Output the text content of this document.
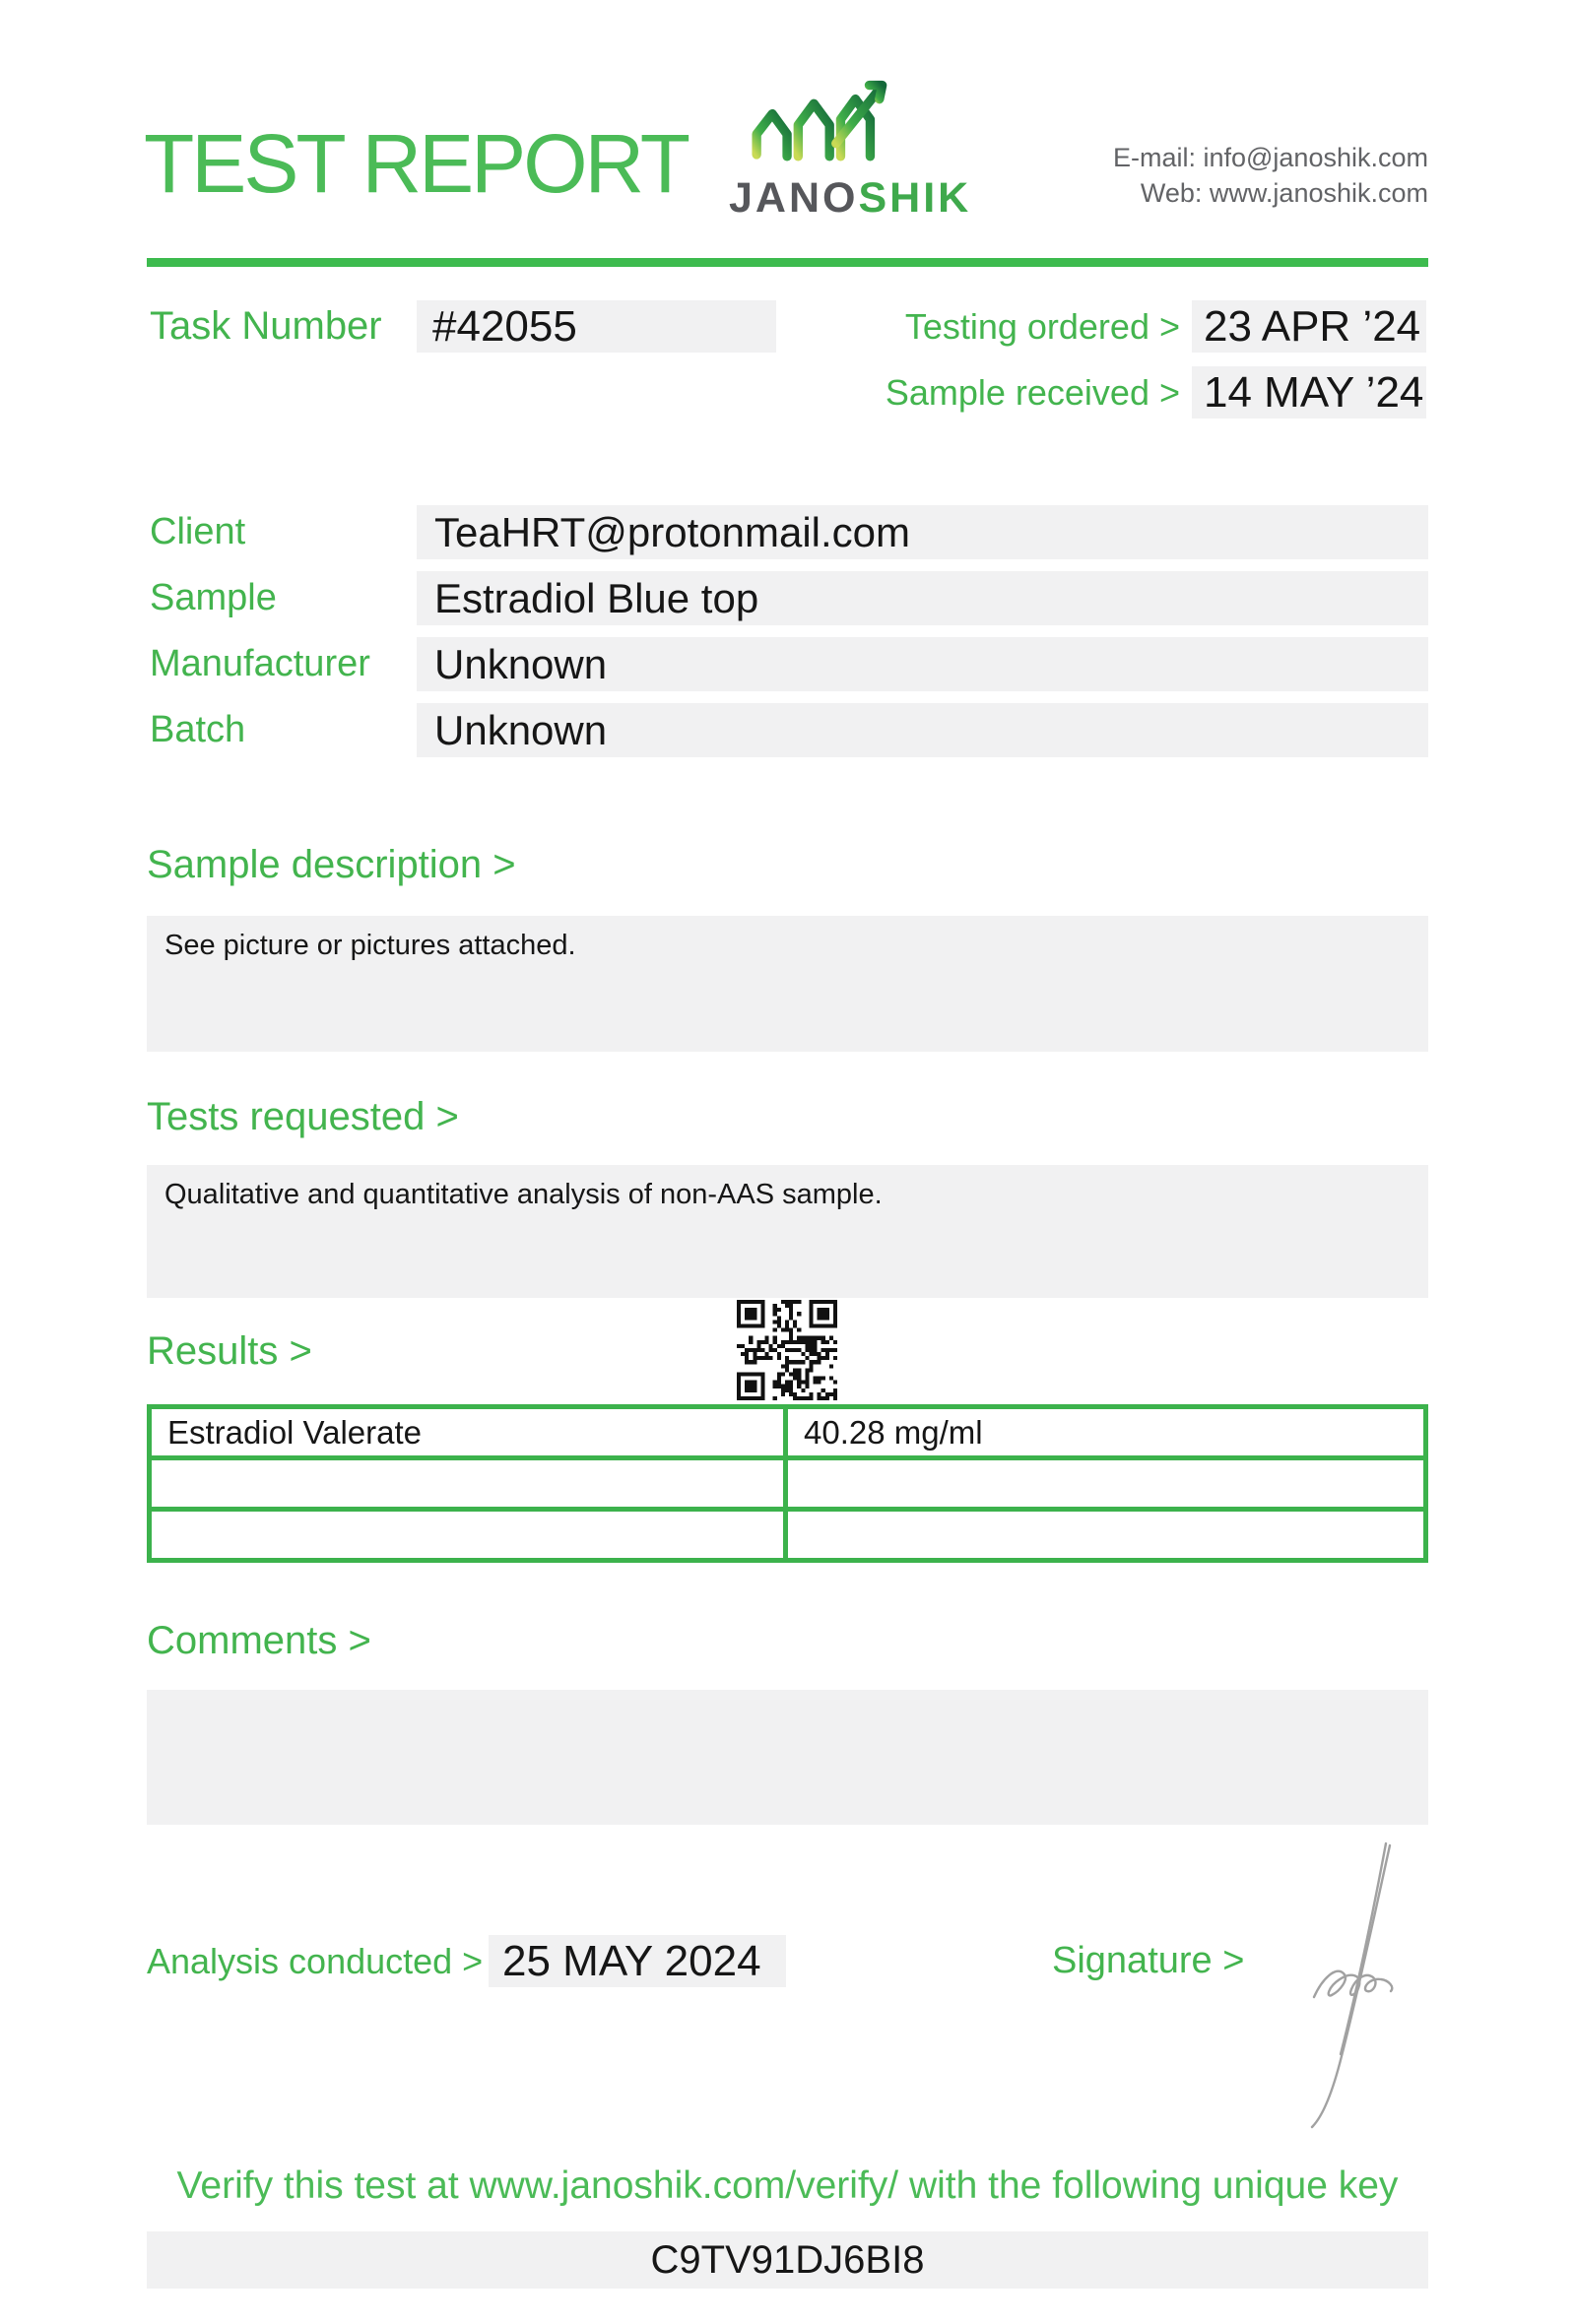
TEST REPORT JANOSHIK
E-mail: info@janoshik.com
Web: www.janoshik.com
Task Number #42055	Testing ordered > 23 APR ’24
Sample received > 14 MAY ’24
Client	TeaHRT@protonmail.com
Sample	Estradiol Blue top
Manufacturer Unknown
Batch	Unknown
Sample description >
See picture or pictures attached.
Tests requested >
Qualitative and quantitative analysis of non-AAS sample.
Results >
Estradiol Valerate	40.28 mg/ml

Comments >
Analysis conducted > 25 MAY 2024	Signature >
Verify this test at www.janoshik.com/verify/ with the following unique key
C9TV91DJ6BI8
